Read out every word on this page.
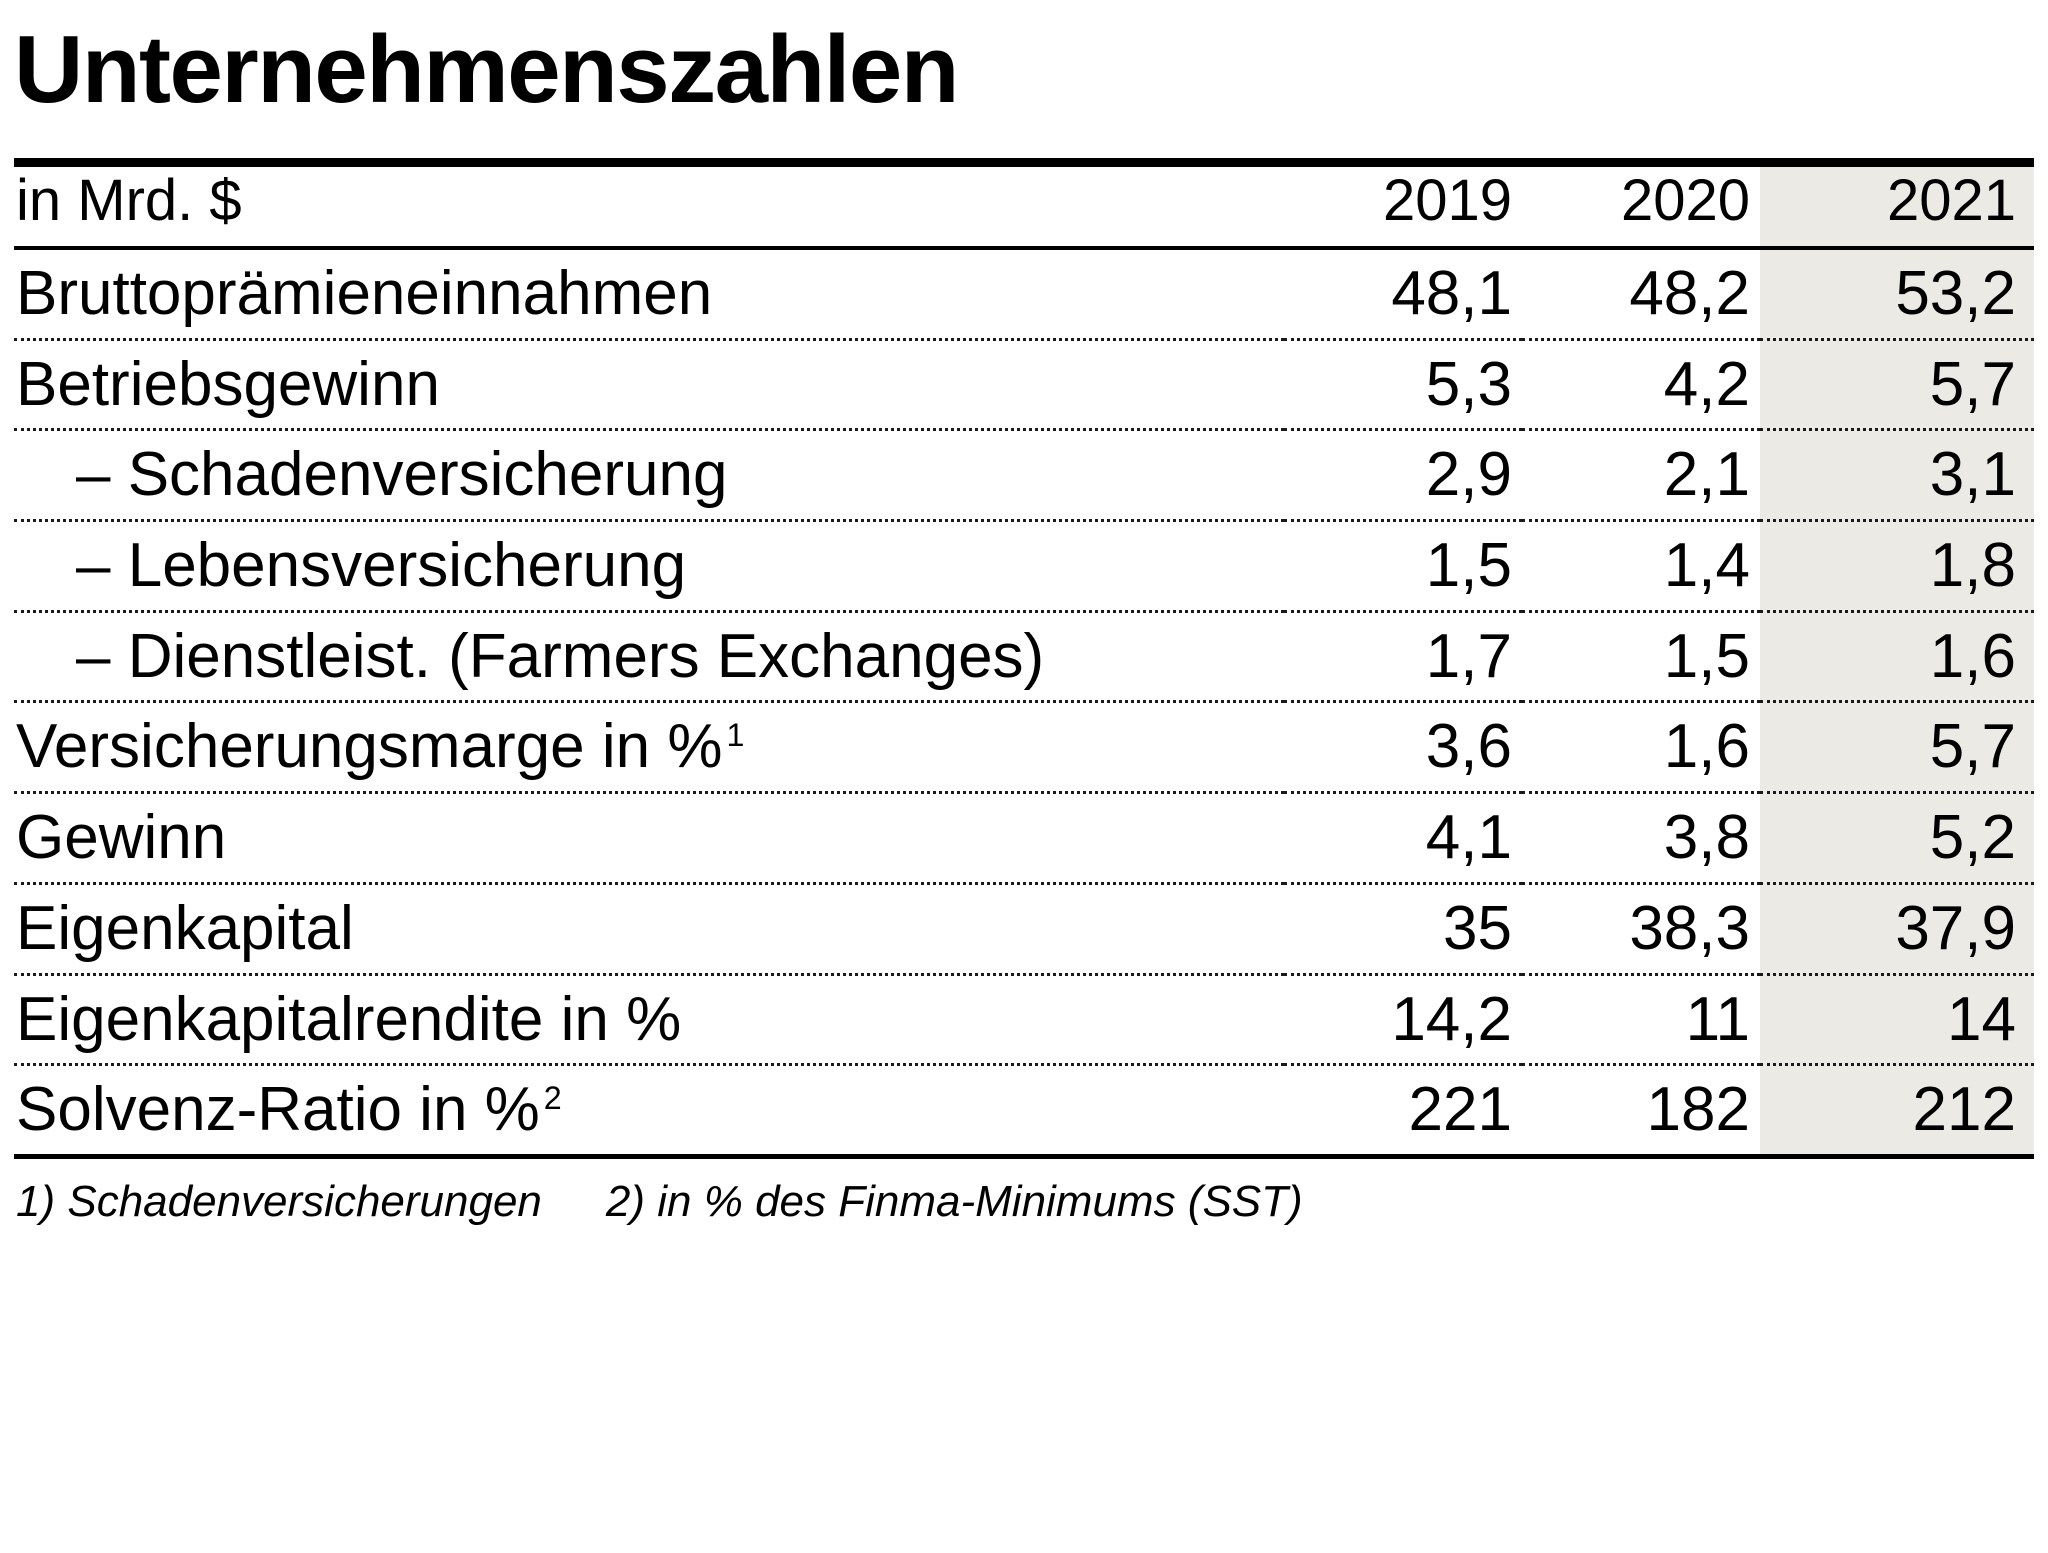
Unternehmenszahlen
in Mrd. $	2019	2020	2021
Bruttoprämieneinnahmen	48,1	48,2	53,2
Betriebsgewinn	5,3	4,2	5,7
– Schadenversicherung	2,9	2,1	3,1
– Lebensversicherung	1,5	1,4	1,8
– Dienstleist. (Farmers Exchanges)	1,7	1,5	1,6
Versicherungsmarge in % $^1$	3,6	1,6	5,7
Gewinn	4,1	3,8	5,2
Eigenkapital	35	38,3	37,9
Eigenkapitalrendite in %	14,2	11	14
Solvenz-Ratio in % $^2$	221	182	212
1) Schadenversicherungen 2) in % des Finma-Minimums (SST)
